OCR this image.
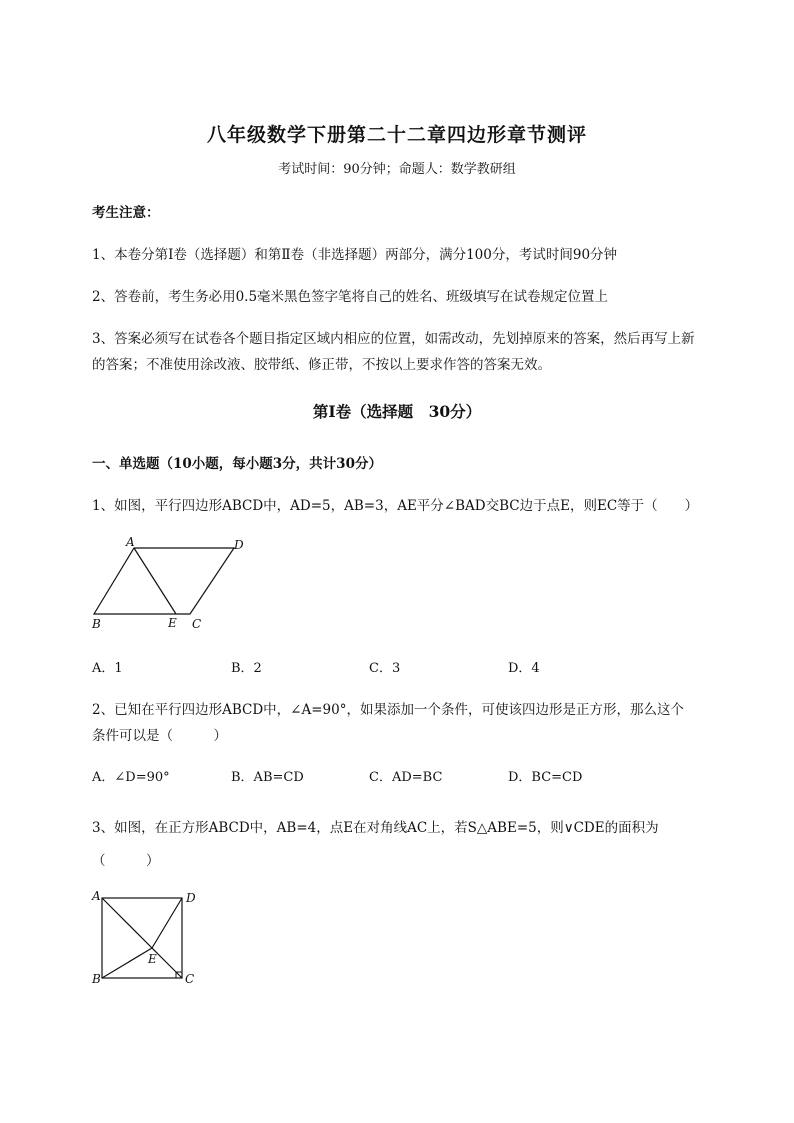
八年级数学下册第二十二章四边形章节测评
考试时间：90分钟；命题人：数学教研组
考生注意：
1、本卷分第I卷（选择题）和第Ⅱ卷（非选择题）两部分，满分100分，考试时间90分钟
2、答卷前，考生务必用0.5毫米黑色签字笔将自己的姓名、班级填写在试卷规定位置上
3、答案必须写在试卷各个题目指定区域内相应的位置，如需改动，先划掉原来的答案，然后再写上新
的答案；不准使用涂改液、胶带纸、修正带，不按以上要求作答的答案无效。
第I卷（选择题　30分）
一、单选题（10小题，每小题3分，共计30分）
1、如图，平行四边形ABCD中，AD=5，AB=3，AE平分∠BAD交BC边于点E，则EC等于（　　）
A	D
B	E C
A．1	B．2	C．3	D．4
2、已知在平行四边形ABCD中，∠A=90°，如果添加一个条件，可使该四边形是正方形，那么这个
条件可以是（　　　）
A．∠D=90°	B．AB=CD	C．AD=BC	D．BC=CD
3、如图，在正方形ABCD中，AB=4，点E在对角线AC上，若S△ABE=5，则∨CDE的面积为
（　　　）
A	D
B
E
C
